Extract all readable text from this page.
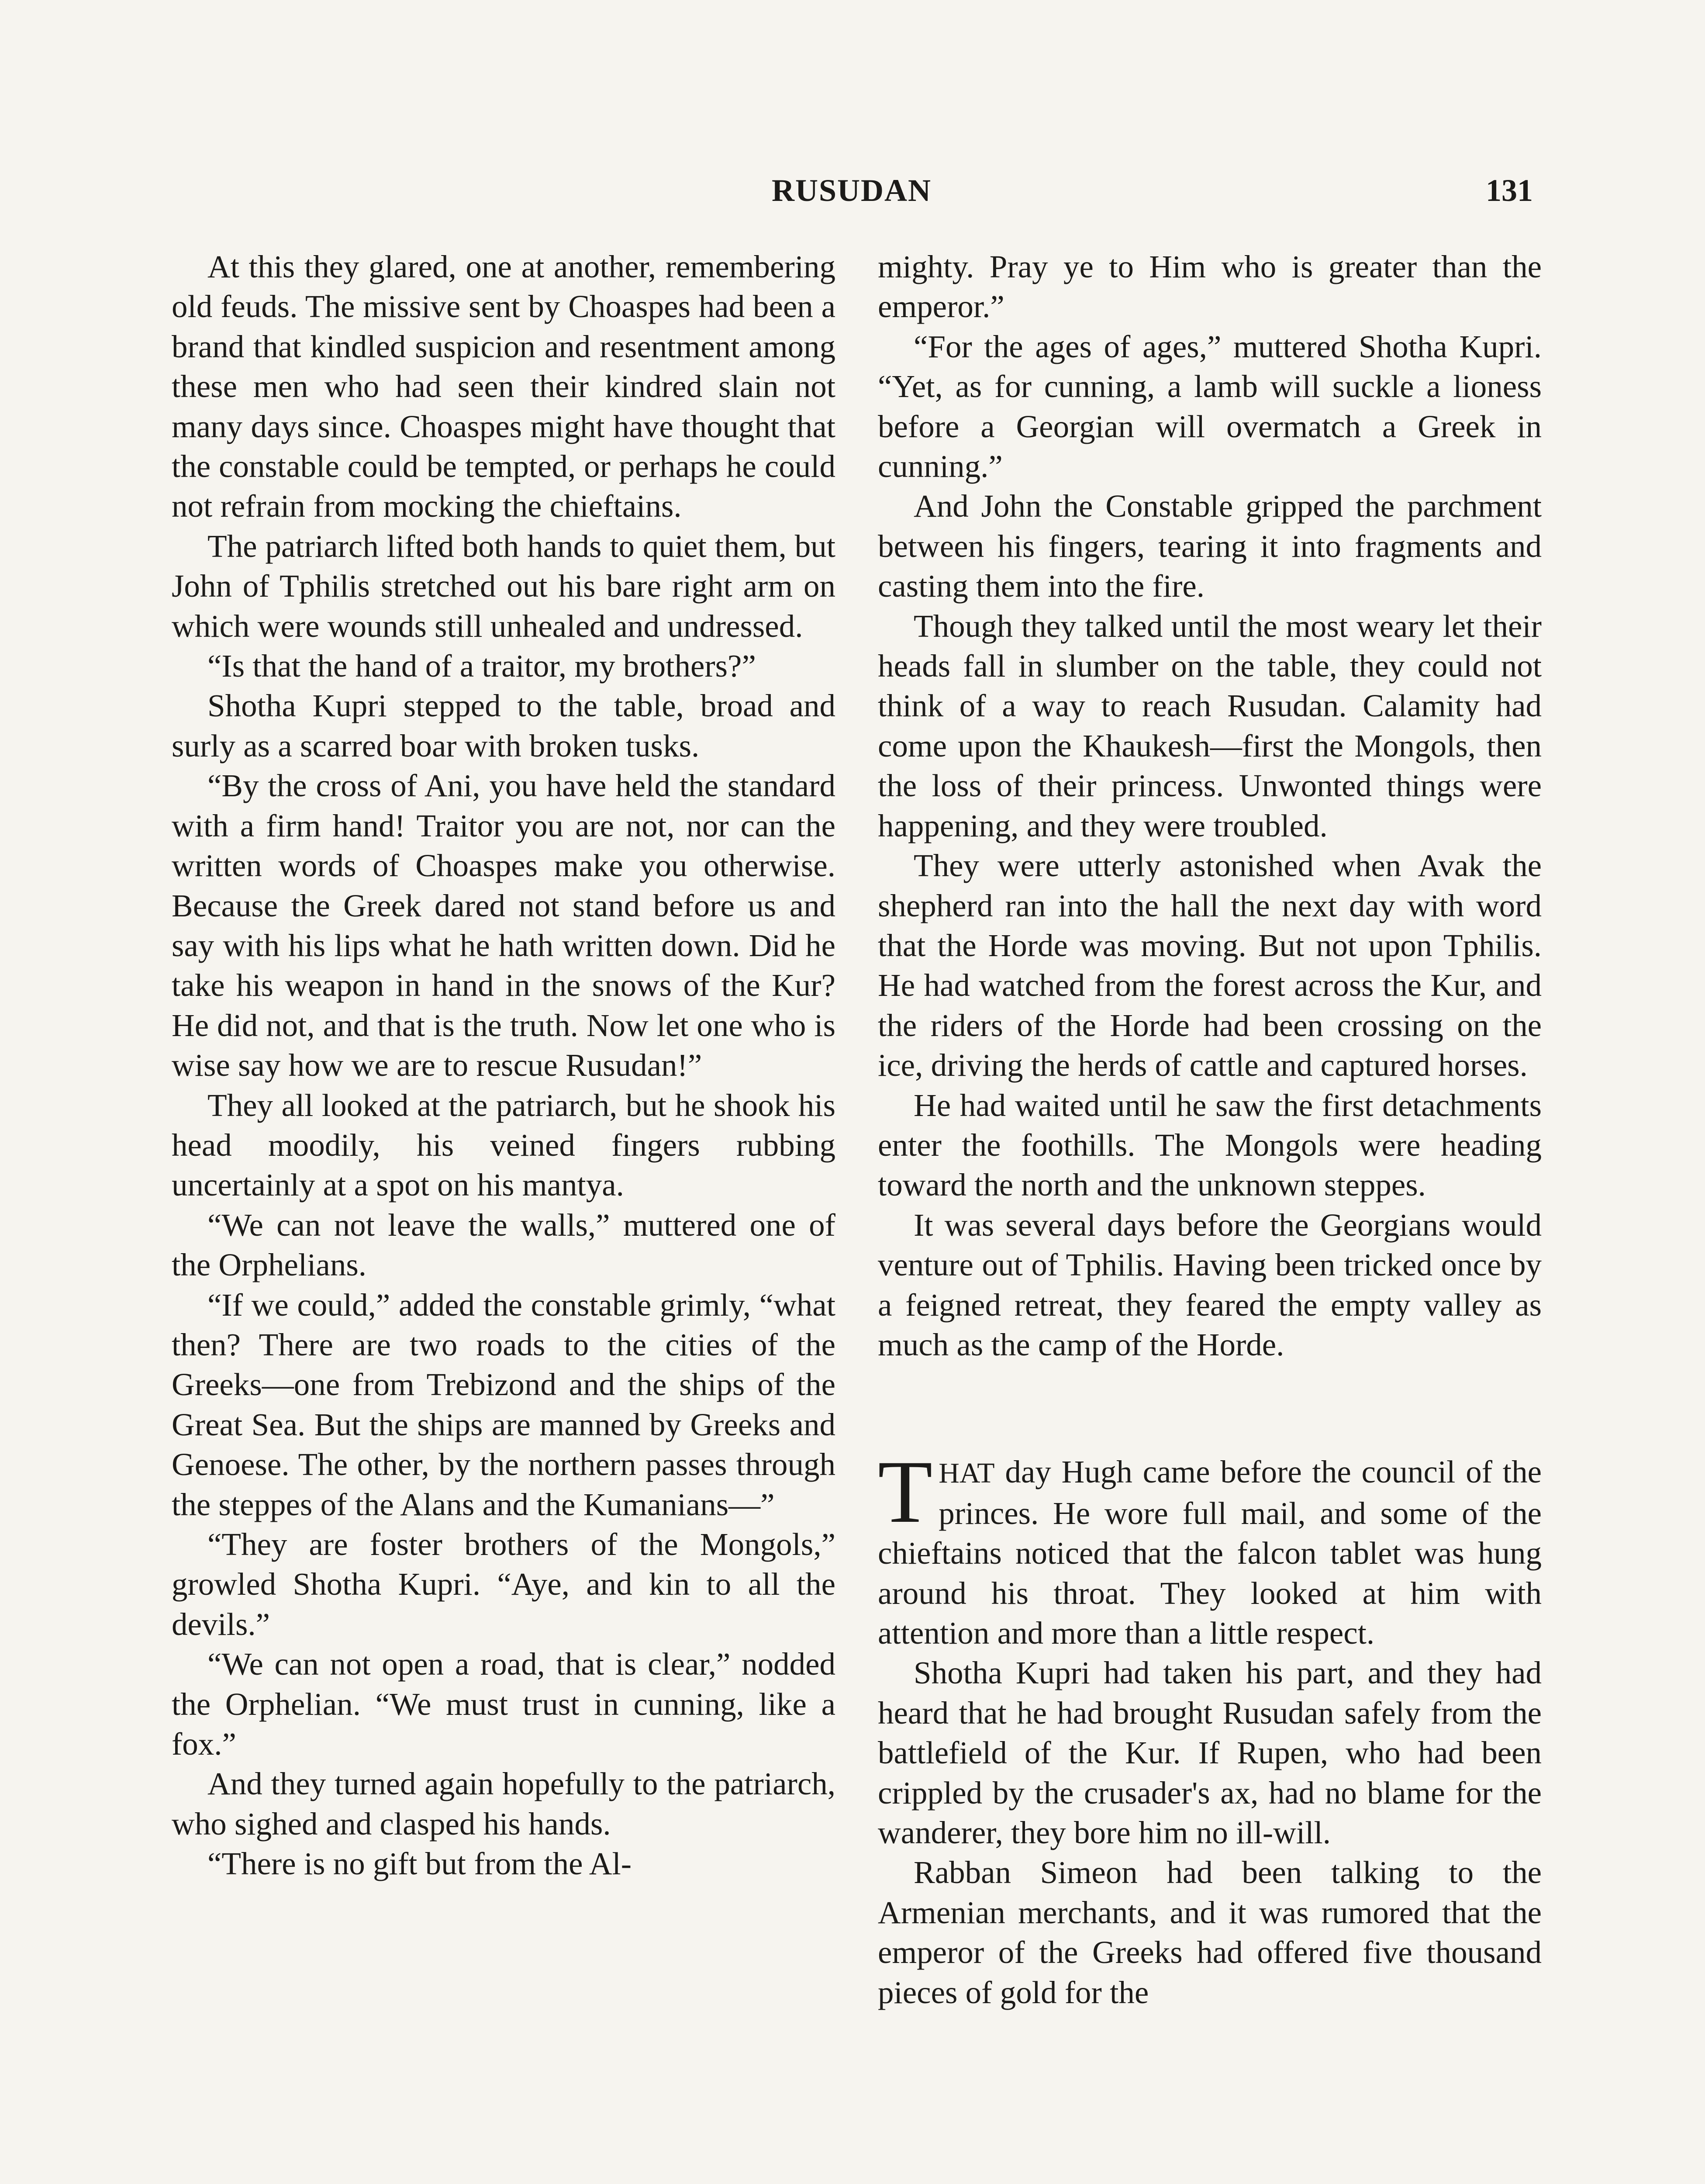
RUSUDAN	131

At this they glared, one at another, remembering old feuds. The missive sent by Choaspes had been a brand that kindled suspicion and resentment among these men who had seen their kindred slain not many days since. Choaspes might have thought that the constable could be tempted, or perhaps he could not refrain from mocking the chieftains.

The patriarch lifted both hands to quiet them, but John of Tphilis stretched out his bare right arm on which were wounds still unhealed and undressed.

“Is that the hand of a traitor, my brothers?”

Shotha Kupri stepped to the table, broad and surly as a scarred boar with broken tusks.

“By the cross of Ani, you have held the standard with a firm hand! Traitor you are not, nor can the written words of Choaspes make you otherwise. Because the Greek dared not stand before us and say with his lips what he hath written down. Did he take his weapon in hand in the snows of the Kur? He did not, and that is the truth. Now let one who is wise say how we are to rescue Rusudan!”

They all looked at the patriarch, but he shook his head moodily, his veined fingers rubbing uncertainly at a spot on his mantya.

“We can not leave the walls,” muttered one of the Orphelians.

“If we could,” added the constable grimly, “what then? There are two roads to the cities of the Greeks—one from Trebizond and the ships of the Great Sea. But the ships are manned by Greeks and Genoese. The other, by the northern passes through the steppes of the Alans and the Kumanians—”

“They are foster brothers of the Mongols,” growled Shotha Kupri. “Aye, and kin to all the devils.”

“We can not open a road, that is clear,” nodded the Orphelian. “We must trust in cunning, like a fox.”

And they turned again hopefully to the patriarch, who sighed and clasped his hands.

“There is no gift but from the Al-

mighty. Pray ye to Him who is greater than the emperor.”

“For the ages of ages,” muttered Shotha Kupri. “Yet, as for cunning, a lamb will suckle a lioness before a Georgian will overmatch a Greek in cunning.”

And John the Constable gripped the parchment between his fingers, tearing it into fragments and casting them into the fire.

Though they talked until the most weary let their heads fall in slumber on the table, they could not think of a way to reach Rusudan. Calamity had come upon the Khaukesh—first the Mongols, then the loss of their princess. Unwonted things were happening, and they were troubled.

They were utterly astonished when Avak the shepherd ran into the hall the next day with word that the Horde was moving. But not upon Tphilis. He had watched from the forest across the Kur, and the riders of the Horde had been crossing on the ice, driving the herds of cattle and captured horses.

He had waited until he saw the first detachments enter the foothills. The Mongols were heading toward the north and the unknown steppes.

It was several days before the Georgians would venture out of Tphilis. Having been tricked once by a feigned retreat, they feared the empty valley as much as the camp of the Horde.

THAT day Hugh came before the council of the princes. He wore full mail, and some of the chieftains noticed that the falcon tablet was hung around his throat. They looked at him with attention and more than a little respect.

Shotha Kupri had taken his part, and they had heard that he had brought Rusudan safely from the battlefield of the Kur. If Rupen, who had been crippled by the crusader's ax, had no blame for the wanderer, they bore him no ill-will.

Rabban Simeon had been talking to the Armenian merchants, and it was rumored that the emperor of the Greeks had offered five thousand pieces of gold for the
